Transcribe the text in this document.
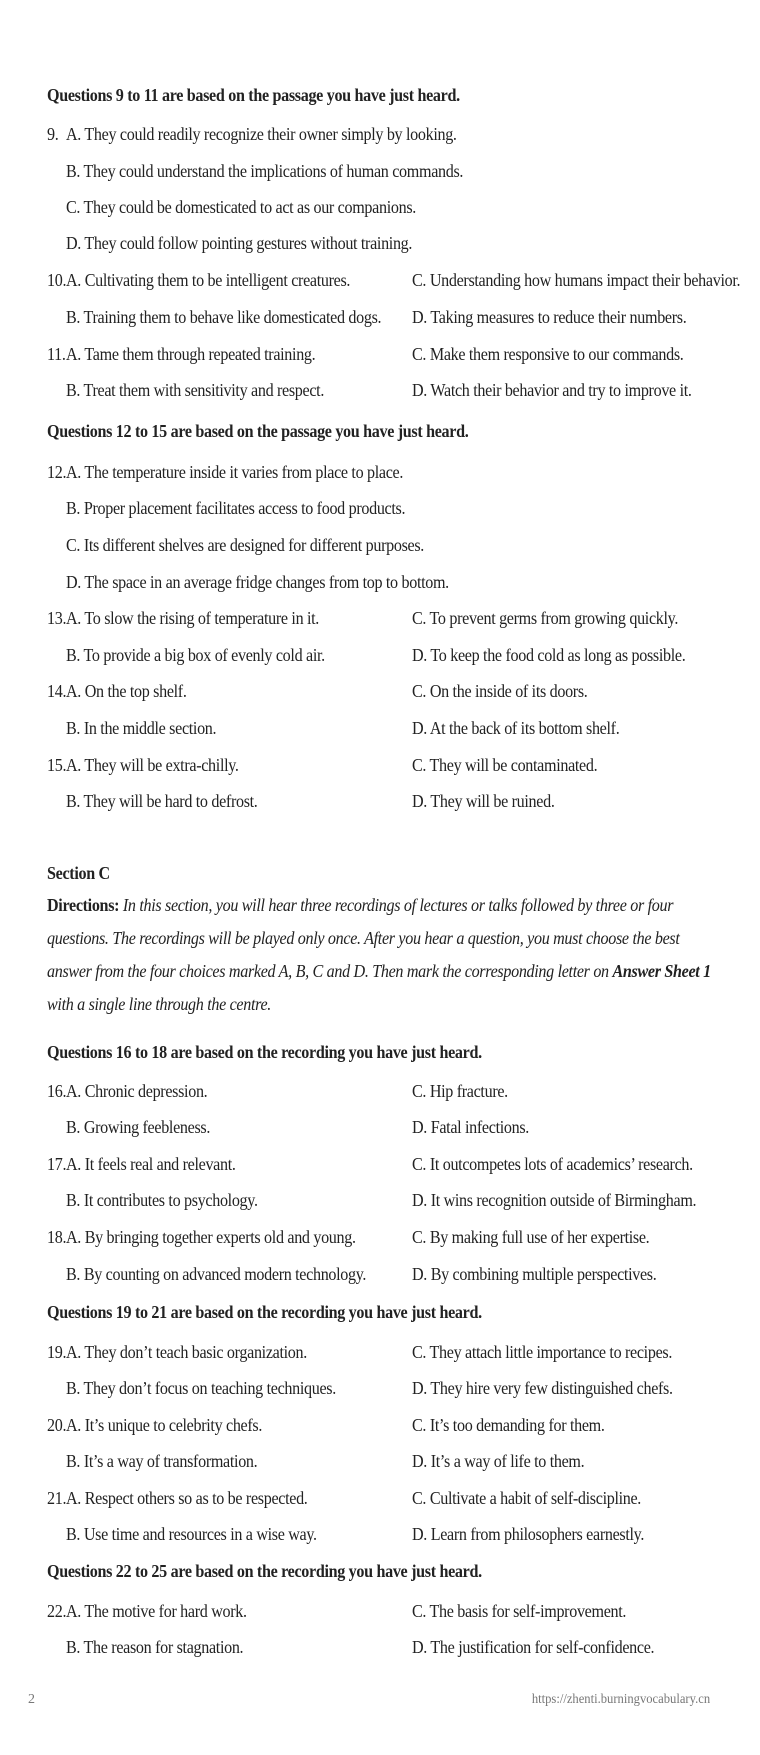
Questions 9 to 11 are based on the passage you have just heard.
9. A. They could readily recognize their owner simply by looking.
B. They could understand the implications of human commands.
C. They could be domesticated to act as our companions.
D. They could follow pointing gestures without training.
10. A. Cultivating them to be intelligent creatures.	C. Understanding how humans impact their behavior.
B. Training them to behave like domesticated dogs. D. Taking measures to reduce their numbers.
11. A. Tame them through repeated training.	C. Make them responsive to our commands.
B. Treat them with sensitivity and respect.	D. Watch their behavior and try to improve it.
Questions 12 to 15 are based on the passage you have just heard.
12. A. The temperature inside it varies from place to place.
B. Proper placement facilitates access to food products.
C. Its different shelves are designed for different purposes.
D. The space in an average fridge changes from top to bottom.
13. A. To slow the rising of temperature in it.	C. To prevent germs from growing quickly.
B. To provide a big box of evenly cold air.	D. To keep the food cold as long as possible.
14. A. On the top shelf.	C. On the inside of its doors.
B. In the middle section.	D. At the back of its bottom shelf.
15. A. They will be extra-chilly.	C. They will be contaminated.
B. They will be hard to defrost.	D. They will be ruined.
Section C
Directions: In this section, you will hear three recordings of lectures or talks followed by three or four questions. The recordings will be played only once. After you hear a question, you must choose the best answer from the four choices marked A, B, C and D. Then mark the corresponding letter on Answer Sheet 1 with a single line through the centre.
Questions 16 to 18 are based on the recording you have just heard.
16. A. Chronic depression.	C. Hip fracture.
B. Growing feebleness.	D. Fatal infections.
17. A. It feels real and relevant.	C. It outcompetes lots of academics’ research.
B. It contributes to psychology.	D. It wins recognition outside of Birmingham.
18. A. By bringing together experts old and young.	C. By making full use of her expertise.
B. By counting on advanced modern technology.	D. By combining multiple perspectives.
Questions 19 to 21 are based on the recording you have just heard.
19. A. They don’t teach basic organization.	C. They attach little importance to recipes.
B. They don’t focus on teaching techniques.	D. They hire very few distinguished chefs.
20. A. It’s unique to celebrity chefs.	C. It’s too demanding for them.
B. It’s a way of transformation.	D. It’s a way of life to them.
21. A. Respect others so as to be respected.	C. Cultivate a habit of self-discipline.
B. Use time and resources in a wise way.	D. Learn from philosophers earnestly.
Questions 22 to 25 are based on the recording you have just heard.
22. A. The motive for hard work.	C. The basis for self-improvement.
B. The reason for stagnation.	D. The justification for self-confidence.
2	https://zhenti.burningvocabulary.cn
